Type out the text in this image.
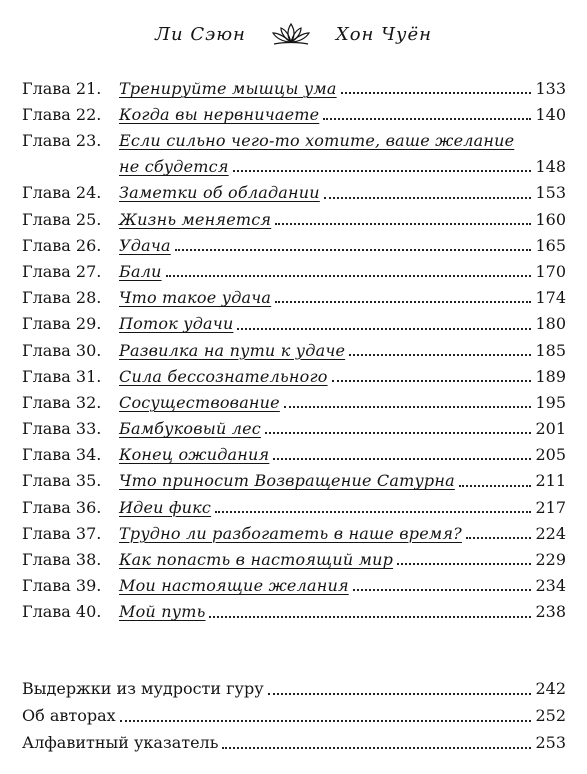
Ли Сэюн	Хон Чуён
Глава 21.	Тренируйте мышцы ума	133
Глава 22.	Когда вы нервничаете	140
Глава 23.	Если сильно чего-то хотите, ваше желание
не сбудется	148
Глава 24.	Заметки об обладании	153
Глава 25.	Жизнь меняется	160
Глава 26.	Удача	165
Глава 27.	Бали	170
Глава 28.	Что такое удача	174
Глава 29.	Поток удачи	180
Глава 30.	Развилка на пути к удаче	185
Глава 31.	Сила бессознательного	189
Глава 32.	Сосуществование	195
Глава 33.	Бамбуковый лес	201
Глава 34.	Конец ожидания	205
Глава 35.	Что приносит Возвращение Сатурна	211
Глава 36.	Идеи фикс	217
Глава 37.	Трудно ли разбогатеть в наше время?	224
Глава 38.	Как попасть в настоящий мир	229
Глава 39.	Мои настоящие желания	234
Глава 40.	Мой путь	238
Выдержки из мудрости гуру	242
Об авторах	252
Алфавитный указатель	253
